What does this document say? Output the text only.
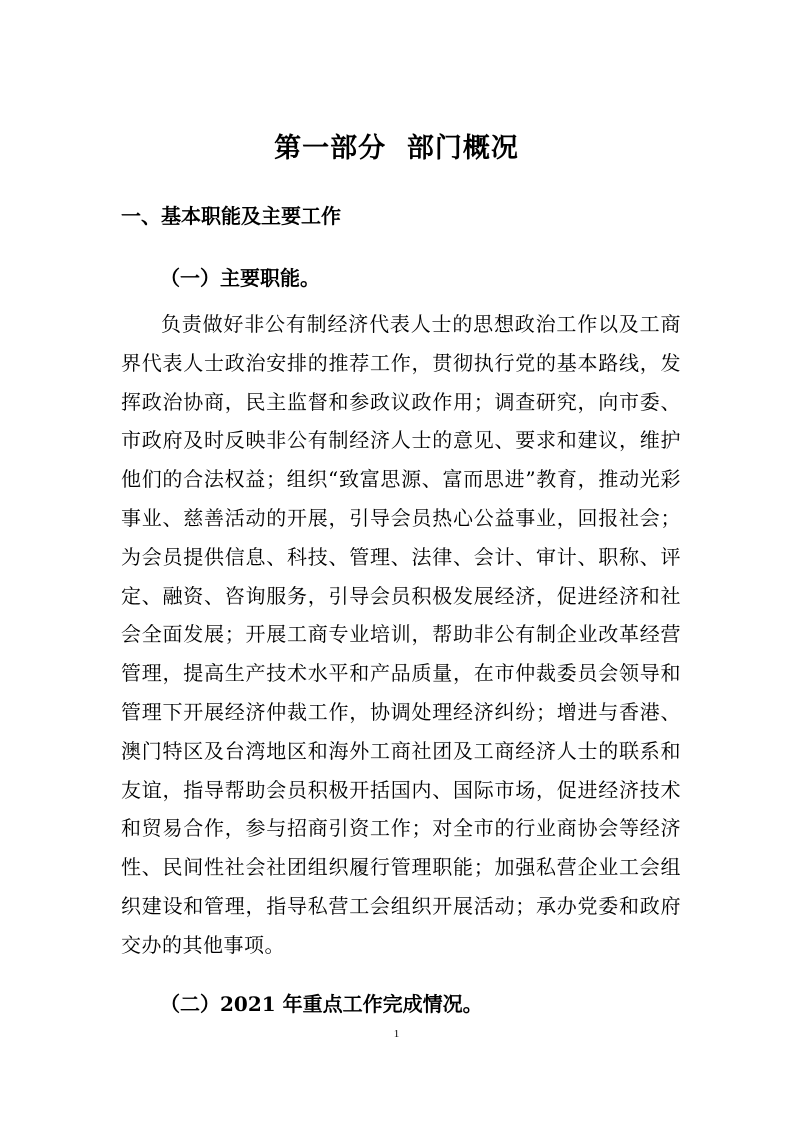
第一部分  部门概况
一、基本职能及主要工作
（一）主要职能。
负责做好非公有制经济代表人士的思想政治工作以及工商界代表人士政治安排的推荐工作，贯彻执行党的基本路线，发挥政治协商，民主监督和参政议政作用；调查研究，向市委、市政府及时反映非公有制经济人士的意见、要求和建议，维护他们的合法权益；组织“致富思源、富而思进”教育，推动光彩事业、慈善活动的开展，引导会员热心公益事业，回报社会；为会员提供信息、科技、管理、法律、会计、审计、职称、评定、融资、咨询服务，引导会员积极发展经济，促进经济和社会全面发展；开展工商专业培训，帮助非公有制企业改革经营管理，提高生产技术水平和产品质量，在市仲裁委员会领导和管理下开展经济仲裁工作，协调处理经济纠纷；增进与香港、澳门特区及台湾地区和海外工商社团及工商经济人士的联系和友谊，指导帮助会员积极开括国内、国际市场，促进经济技术和贸易合作，参与招商引资工作；对全市的行业商协会等经济性、民间性社会社团组织履行管理职能；加强私营企业工会组织建设和管理，指导私营工会组织开展活动；承办党委和政府交办的其他事项。
（二）2021 年重点工作完成情况。
1
